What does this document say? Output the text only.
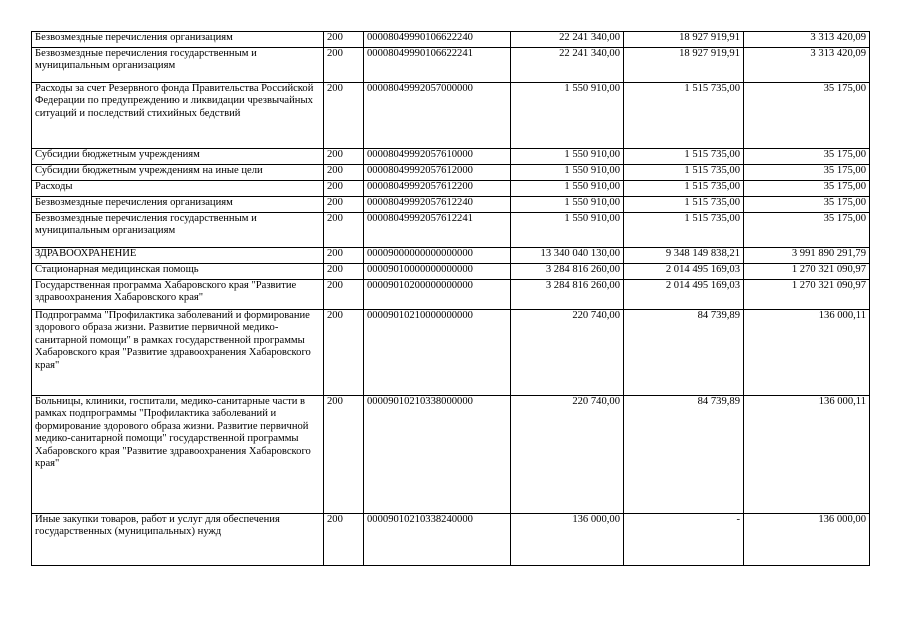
Безвозмездные перечисления организациям	200	00008049990106622240	22 241 340,00	18 927 919,91	3 313 420,09
Безвозмездные перечисления государственным и муниципальным организациям	200	00008049990106622241	22 241 340,00	18 927 919,91	3 313 420,09
Расходы за счет Резервного фонда Правительства Российской Федерации по предупреждению и ликвидации чрезвычайных ситуаций и последствий стихийных бедствий	200	00008049992057000000	1 550 910,00	1 515 735,00	35 175,00
Субсидии бюджетным учреждениям	200	00008049992057610000	1 550 910,00	1 515 735,00	35 175,00
Субсидии бюджетным учреждениям на иные цели	200	00008049992057612000	1 550 910,00	1 515 735,00	35 175,00
Расходы	200	00008049992057612200	1 550 910,00	1 515 735,00	35 175,00
Безвозмездные перечисления организациям	200	00008049992057612240	1 550 910,00	1 515 735,00	35 175,00
Безвозмездные перечисления государственным и муниципальным организациям	200	00008049992057612241	1 550 910,00	1 515 735,00	35 175,00
ЗДРАВООХРАНЕНИЕ	200	00009000000000000000	13 340 040 130,00	9 348 149 838,21	3 991 890 291,79
Стационарная медицинская помощь	200	00009010000000000000	3 284 816 260,00	2 014 495 169,03	1 270 321 090,97
Государственная программа Хабаровского края "Развитие здравоохранения Хабаровского края"	200	00009010200000000000	3 284 816 260,00	2 014 495 169,03	1 270 321 090,97
Подпрограмма "Профилактика заболеваний и формирование здорового образа жизни. Развитие первичной медико-санитарной помощи" в рамках государственной программы Хабаровского края "Развитие здравоохранения Хабаровского края"	200	00009010210000000000	220 740,00	84 739,89	136 000,11
Больницы, клиники, госпитали, медико-санитарные части в рамках подпрограммы "Профилактика заболеваний и формирование здорового образа жизни. Развитие первичной медико-санитарной помощи" государственной программы Хабаровского края "Развитие здравоохранения Хабаровского края"	200	00009010210338000000	220 740,00	84 739,89	136 000,11
Иные закупки товаров, работ и услуг для обеспечения государственных (муниципальных) нужд	200	00009010210338240000	136 000,00	-	136 000,00
